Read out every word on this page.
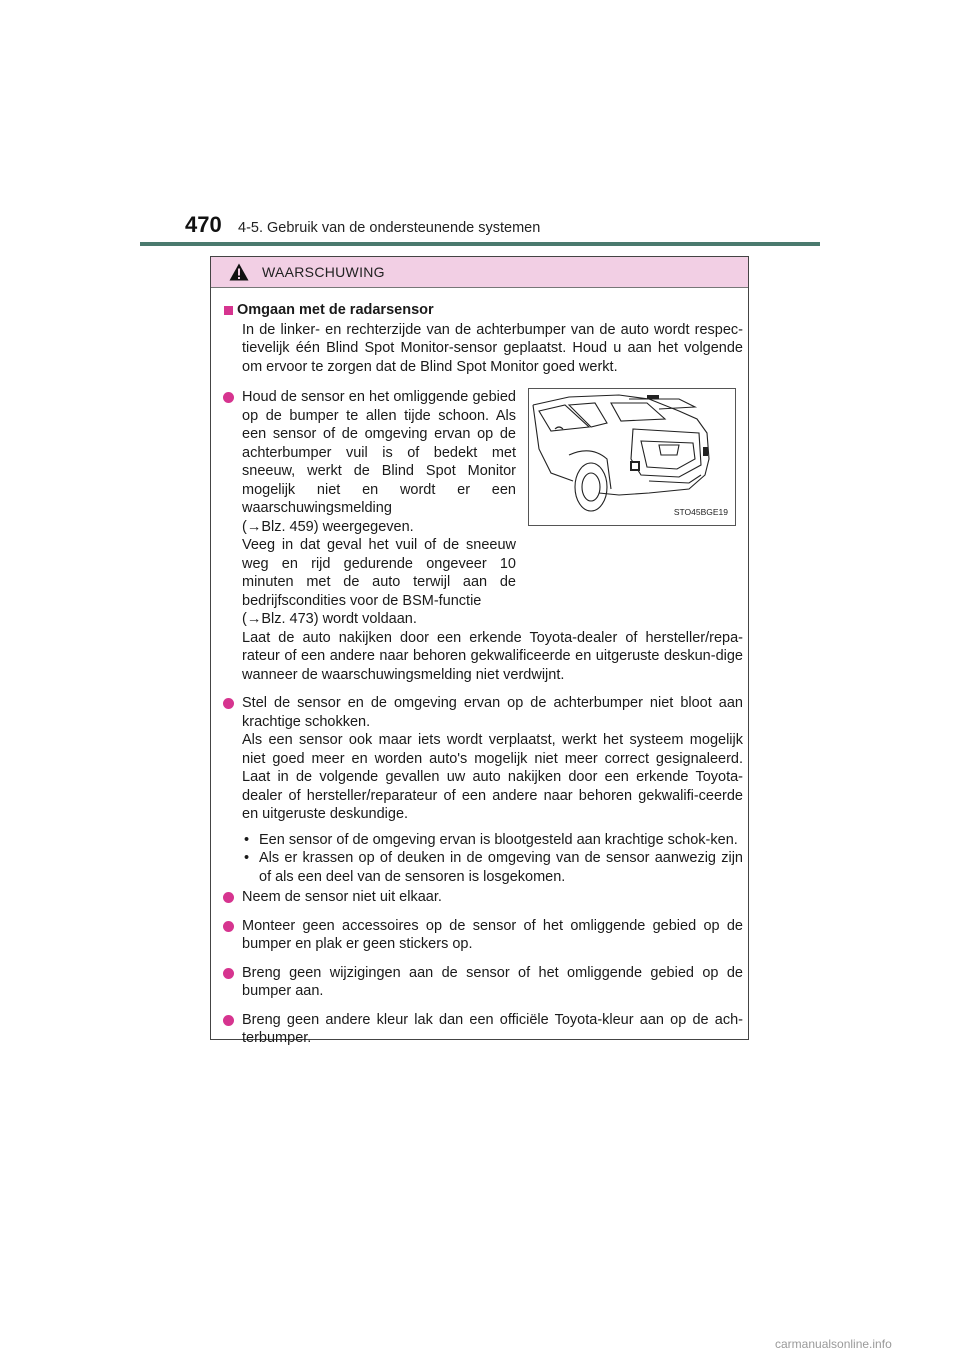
470 4-5. Gebruik van de ondersteunende systemen
WAARSCHUWING
Omgaan met de radarsensor
In de linker- en rechterzijde van de achterbumper van de auto wordt respec-tievelijk één Blind Spot Monitor-sensor geplaatst. Houd u aan het volgende om ervoor te zorgen dat de Blind Spot Monitor goed werkt.
Houd de sensor en het omliggende gebied op de bumper te allen tijde schoon. Als een sensor of de omgeving ervan op de achterbumper vuil is of bedekt met sneeuw, werkt de Blind Spot Monitor mogelijk niet en wordt er een waarschuwingsmelding
(→Blz. 459) weergegeven.
Veeg in dat geval het vuil of de sneeuw weg en rijd gedurende ongeveer 10 minuten met de auto terwijl aan de bedrijfscondities voor de BSM-functie
(→Blz. 473) wordt voldaan.
STO45BGE19
Laat de auto nakijken door een erkende Toyota-dealer of hersteller/repa-rateur of een andere naar behoren gekwalificeerde en uitgeruste deskun-dige wanneer de waarschuwingsmelding niet verdwijnt.
Stel de sensor en de omgeving ervan op de achterbumper niet bloot aan krachtige schokken.
Als een sensor ook maar iets wordt verplaatst, werkt het systeem mogelijk niet goed meer en worden auto's mogelijk niet meer correct gesignaleerd. Laat in de volgende gevallen uw auto nakijken door een erkende Toyota-dealer of hersteller/reparateur of een andere naar behoren gekwalifi-ceerde en uitgeruste deskundige.
• Een sensor of de omgeving ervan is blootgesteld aan krachtige schok-ken.
• Als er krassen op of deuken in de omgeving van de sensor aanwezig zijn of als een deel van de sensoren is losgekomen.
Neem de sensor niet uit elkaar.
Monteer geen accessoires op de sensor of het omliggende gebied op de bumper en plak er geen stickers op.
Breng geen wijzigingen aan de sensor of het omliggende gebied op de bumper aan.
Breng geen andere kleur lak dan een officiële Toyota-kleur aan op de ach-terbumper.
carmanualsonline.info
